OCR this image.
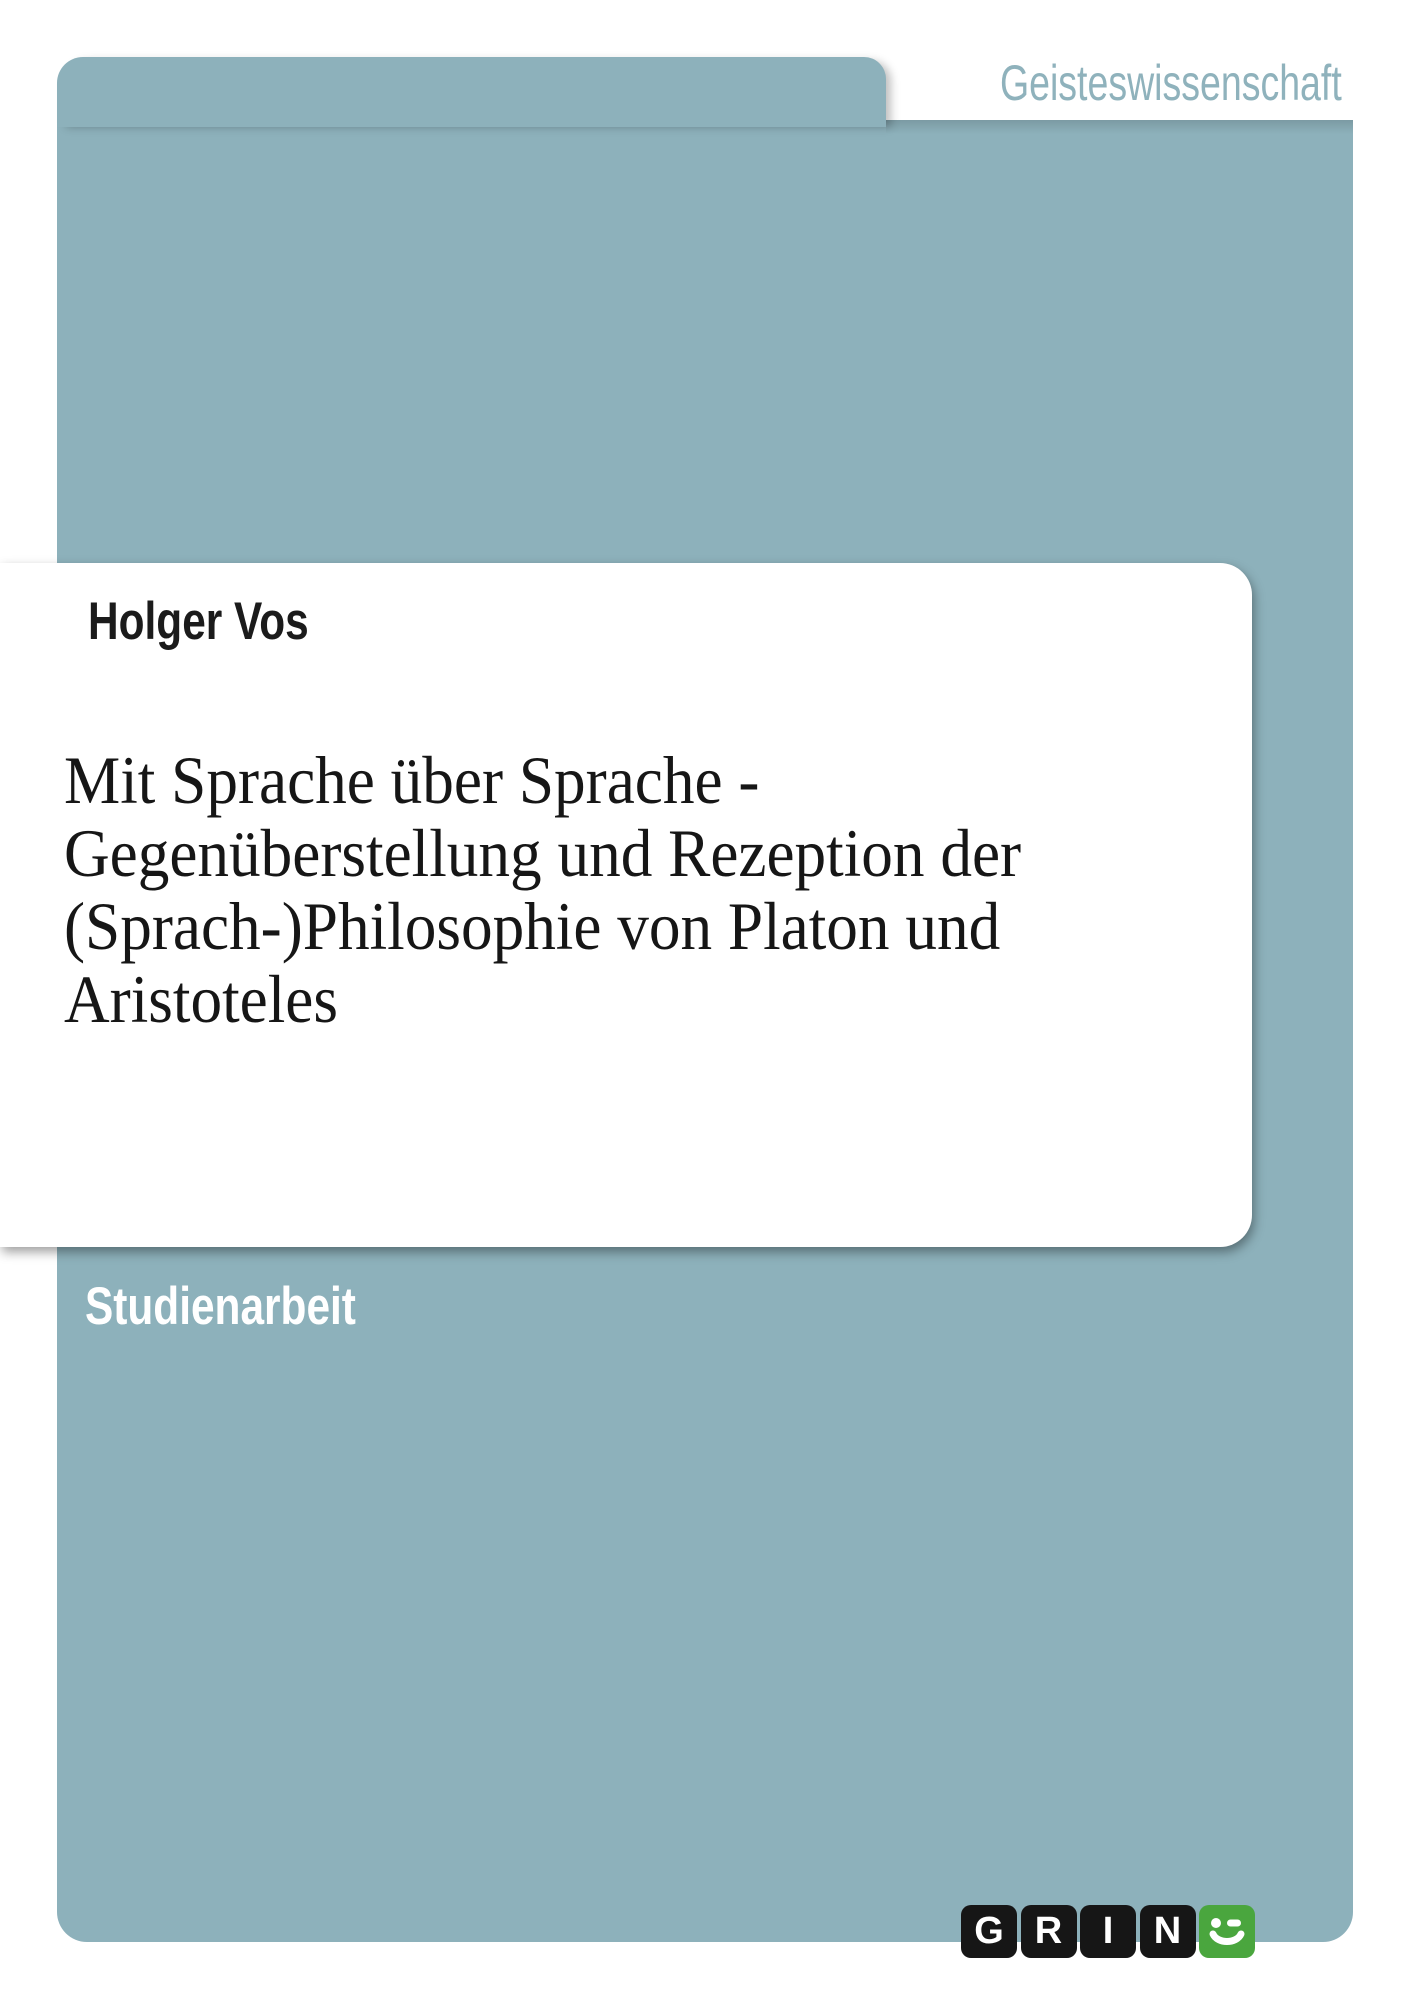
Geisteswissenschaft
Holger Vos
Mit Sprache über Sprache -
Gegenüberstellung und Rezeption der
(Sprach-)Philosophie von Platon und
Aristoteles
Studienarbeit
G R I N
